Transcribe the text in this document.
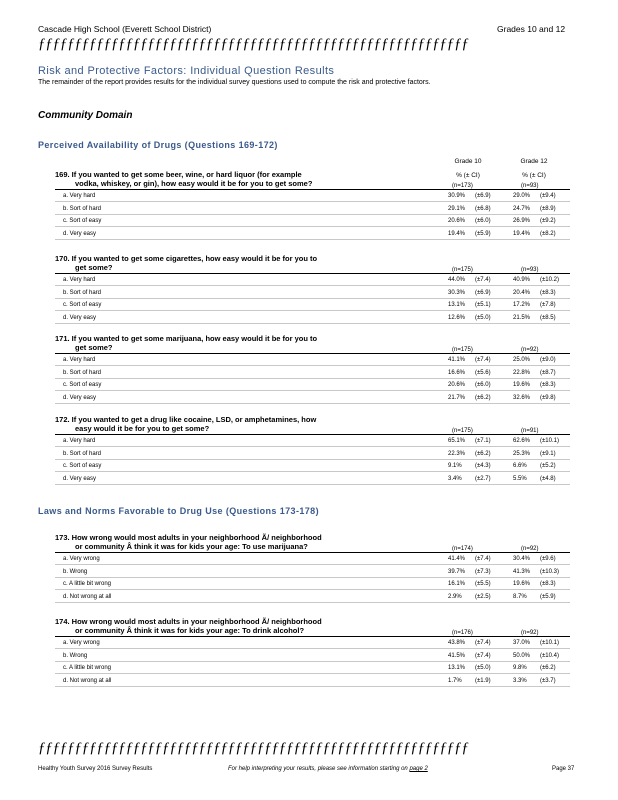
Cascade High School (Everett School District)	Grades 10 and 12
ƒƒƒƒƒƒƒƒƒƒƒƒƒƒƒƒƒƒƒƒƒƒƒƒƒƒƒƒƒƒƒƒƒƒƒƒƒƒƒƒƒƒƒƒƒƒƒƒƒƒƒƒƒƒƒƒƒƒƒ
Risk and Protective Factors: Individual Question Results
The remainder of the report provides results for the individual survey questions used to compute the risk and protective factors.
Community Domain
Perceived Availability of Drugs (Questions 169-172)
Grade 10	Grade 12
% (± CI)	% (± CI)
169. If you wanted to get some beer, wine, or hard liquor (for example
vodka, whiskey, or gin), how easy would it be for you to get some?	(n=173)	(n=93)
a. Very hard	30.9% (±6.9)	29.0% (±9.4)
b. Sort of hard	29.1% (±6.8)	24.7% (±8.9)
c. Sort of easy	20.6% (±6.0)	26.9% (±9.2)
d. Very easy	19.4% (±5.9)	19.4% (±8.2)
170. If you wanted to get some cigarettes, how easy would it be for you to
get some?	(n=175)	(n=93)
a. Very hard	44.0% (±7.4)	40.9% (±10.2)
b. Sort of hard	30.3% (±6.9)	20.4% (±8.3)
c. Sort of easy	13.1% (±5.1)	17.2% (±7.8)
d. Very easy	12.6% (±5.0)	21.5% (±8.5)
171. If you wanted to get some marijuana, how easy would it be for you to
get some?	(n=175)	(n=92)
a. Very hard	41.1% (±7.4)	25.0% (±9.0)
b. Sort of hard	16.6% (±5.6)	22.8% (±8.7)
c. Sort of easy	20.6% (±6.0)	19.6% (±8.3)
d. Very easy	21.7% (±6.2)	32.6% (±9.8)
172. If you wanted to get a drug like cocaine, LSD, or amphetamines, how
easy would it be for you to get some?	(n=175)	(n=91)
a. Very hard	65.1% (±7.1)	62.6% (±10.1)
b. Sort of hard	22.3% (±6.2)	25.3% (±9.1)
c. Sort of easy	9.1% (±4.3)	6.6% (±5.2)
d. Very easy	3.4% (±2.7)	5.5% (±4.8)
173. How wrong would most adults in your neighborhood Ã/ neighborhood
or community Â think it was for kids your age: To use marijuana?	(n=174)	(n=92)
a. Very wrong	41.4% (±7.4)	30.4% (±9.6)
b. Wrong	39.7% (±7.3)	41.3% (±10.3)
c. A little bit wrong	16.1% (±5.5)	19.6% (±8.3)
d. Not wrong at all	2.9% (±2.5)	8.7% (±5.9)
174. How wrong would most adults in your neighborhood Ã/ neighborhood
or community Â think it was for kids your age: To drink alcohol?	(n=176)	(n=92)
a. Very wrong	43.8% (±7.4)	37.0% (±10.1)
b. Wrong	41.5% (±7.4)	50.0% (±10.4)
c. A little bit wrong	13.1% (±5.0)	9.8% (±6.2)
d. Not wrong at all	1.7% (±1.9)	3.3% (±3.7)
Laws and Norms Favorable to Drug Use (Questions 173-178)
ƒƒƒƒƒƒƒƒƒƒƒƒƒƒƒƒƒƒƒƒƒƒƒƒƒƒƒƒƒƒƒƒƒƒƒƒƒƒƒƒƒƒƒƒƒƒƒƒƒƒƒƒƒƒƒƒƒƒƒ
Healthy Youth Survey 2016 Survey Results	For help interpreting your results, please see information starting on page 2	Page 37
